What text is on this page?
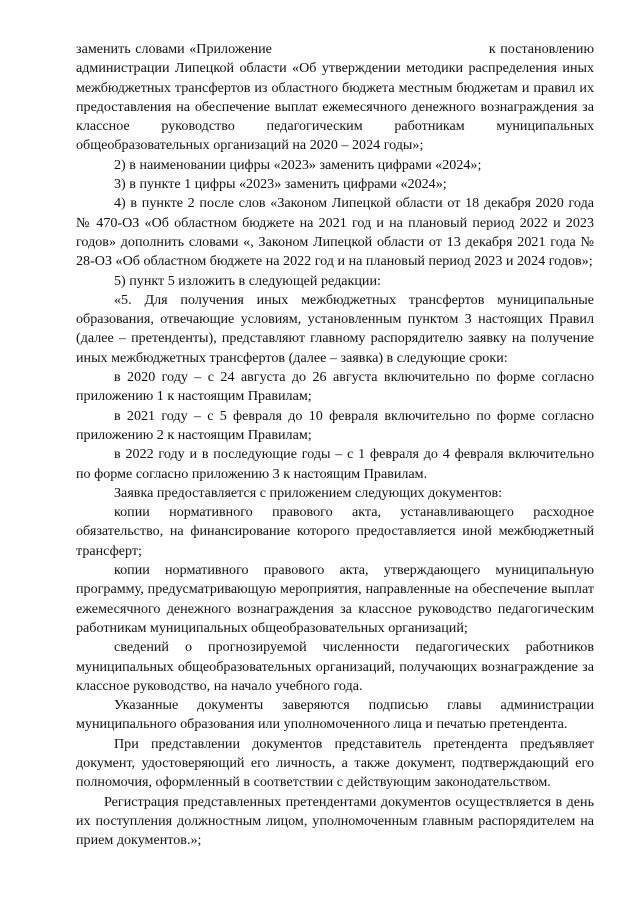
заменить словами «Приложение                                                к постановлению администрации Липецкой области «Об утверждении методики распределения иных межбюджетных трансфертов из областного бюджета местным бюджетам и правил их предоставления на обеспечение выплат ежемесячного денежного вознаграждения за классное руководство педагогическим работникам муниципальных общеобразовательных организаций на 2020 – 2024 годы»;

2) в наименовании цифры «2023» заменить цифрами «2024»;

3) в пункте 1 цифры «2023» заменить цифрами «2024»;

4) в пункте 2 после слов «Законом Липецкой области от 18 декабря 2020 года № 470-ОЗ «Об областном бюджете на 2021 год и на плановый период 2022 и 2023 годов» дополнить словами «, Законом Липецкой области от 13 декабря 2021 года № 28-ОЗ «Об областном бюджете на 2022 год и на плановый период 2023 и 2024 годов»;

5) пункт 5 изложить в следующей редакции:

«5. Для получения иных межбюджетных трансфертов муниципальные образования, отвечающие условиям, установленным пунктом 3 настоящих Правил (далее – претенденты), представляют главному распорядителю заявку на получение иных межбюджетных трансфертов (далее – заявка) в следующие сроки:

в 2020 году – с 24 августа до 26 августа включительно по форме согласно приложению 1 к настоящим Правилам;

в 2021 году – с 5 февраля до 10 февраля включительно по форме согласно приложению 2 к настоящим Правилам;

в 2022 году и в последующие годы – с 1 февраля до 4 февраля включительно по форме согласно приложению 3 к настоящим Правилам.

Заявка предоставляется с приложением следующих документов:

копии нормативного правового акта, устанавливающего расходное обязательство, на финансирование которого предоставляется иной межбюджетный трансферт;

копии нормативного правового акта, утверждающего муниципальную программу, предусматривающую мероприятия, направленные на обеспечение выплат ежемесячного денежного вознаграждения за классное руководство педагогическим работникам муниципальных общеобразовательных организаций;

сведений о прогнозируемой численности педагогических работников муниципальных общеобразовательных организаций, получающих вознаграждение за классное руководство, на начало учебного года.

Указанные документы заверяются подписью главы администрации муниципального образования или уполномоченного лица и печатью претендента.

При представлении документов представитель претендента предъявляет документ, удостоверяющий его личность, а также документ, подтверждающий его полномочия, оформленный в соответствии с действующим законодательством.

Регистрация представленных претендентами документов осуществляется в день их поступления должностным лицом, уполномоченным главным распорядителем на прием документов.»;
